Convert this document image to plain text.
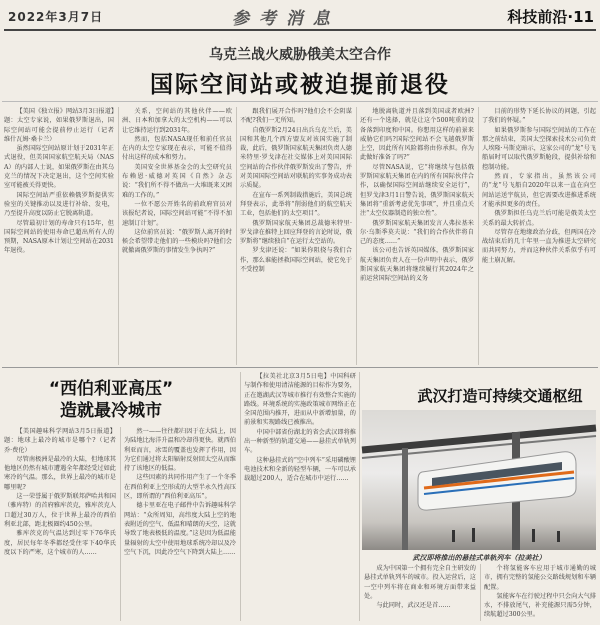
2022年3月7日	参 考 消 息	科技前沿·11
乌克兰战火威胁俄美太空合作
国际空间站或被迫提前退役

【美国《独立报》网站3月3日报道】题：太空专家说，如果俄罗斯退出，国际空间站可能会提前停止运行（记者　维什瓦姆·桑卡兰）

虽然国际空间站原计划于2031年正式退役，但美国国家航空航天局（NASA）的内部人士说，如果俄罗斯在由其乌克兰的情况下决定退出，这个空间实验室可能被关得更快。

国际空间站严重依赖俄罗斯提供实验室的关键推动以及进行补给、发电，乃至提升高度以防止它脱离轨道。

尽管最初计划的寿命只有15年，但国际空间站的使用寿命已超出所有人的预期，NASA原本计划让空间站在2031年退役。

关系，空间站的其他伙伴——欧洲、日本和加拿大的太空机构——可以让它维持运行到2031年。

然而，包括NASA现任和前任官员在内的太空专家现在表示，可能不值得付出这样的成本和努力。

美国安全世界基金会的太空研究员布赖恩·威德对英国《自然》杂志说：“我们所不得不做出一大堆既来又困难的工作的。”

一位不愿公开姓名的前政府官员对该报纪者说，国际空间站可能“不得不加速制订计划”。

这位前官员说：“俄罗斯人离开的时候会希望带走他们的一些模块吗?他们会就撤离俄罗斯的事情发生争执吗?”

跟我们展开合作吗?他们会不会阴谋不配?我们一无所知。

自俄罗斯2月24日出兵乌克兰后，美国和其他几个西方盟友对该国实施了制裁，此后，俄罗斯国家航天集团负责人德米特里·罗戈津在社交媒体上对美国国际空间站的合作伙伴俄罗斯发出了警告，并对美国国际空间站对联航的实事务成功表示质疑。

在宣布一系列制裁措施后，美国总统拜登表示，此举将“削弱他们的航空航天工业，包括他们的太空项目”。

俄罗斯国家航天集团总裁德米特里·罗戈津在推特上回应拜登的言论时说，俄罗斯将“继续独自”在运行太空站的。

罗戈津还说：“如果你阻挠与我们合作，那么谁能拯救国际空间站，使它免于不受控制

地脱离轨道并且落到美国或者欧洲?还有一个选择，就是让这个500吨重的设备落到印度和中国。你想用这样的前景来威胁它们吗?国际空间站不会飞越俄罗斯上空，因此所有风险都将由你承担。你为此做好准备了吗?”

尽管NASA说，它“将继续与包括俄罗斯国家航天集团在内的所有国际伙伴合作，以确保国际空间站继续安全运行”，但罗戈津3月1日警告说，俄罗斯国家航天集团将“重新考虑优先事项”，并且重点关注“太空仪器制造的独立性”。

俄罗斯国家航天集团发言人弗拉基米尔·乌斯季莫夫说：“我们的合作伙伴将自己的态度……”

该公司也告诉英国媒体，俄罗斯国家航天集团负责人在一份声明中表示，俄罗斯国家航天集团将继续履行其2024年之前运营国际空间站的义务

目前的形势下延长协议的问题，引起了我们的怀疑。”

如果俄罗斯参与国际空间站的工作在那之前结束，美国太空探索技术公司负责人埃隆·马斯克暗示，这家公司的“龙”号飞船届时可以取代俄罗斯舱段，提供补给和控制功能。

然而，专家指出，虽然该公司的“龙”号飞船自2020年以来一直在向空间站运送宇航员，但它需要改进推进系统才能承担更多的责任。

俄罗斯担任乌克兰后可能是俄美太空关系的最大转折点。

尽管存在地缘政治分歧，但两国在冷战结束后的几十年里一直为推进太空研究而共同努力，并而这种伙伴关系似乎有可能土崩瓦解。

“西伯利亚高压”
造就最冷城市

【美国趣味科学网站3月5日报道】题：地球上最冷的城市是哪个?（记者　乔·费伦）

尽管南极洲是最冷的大陆，但地球其他地区仍然有城市遭遇全年都经受过如此寒冷的气温。那么，世界上最冷的城市是哪里呢?

这一荣誉属于俄罗斯联邦萨哈共和国（雅库特）的首府雅库茨克，雅库茨克人口超过30万人，位于世界上最冷的西伯利亚北部，距北极圈约450公里。

雅库茨克的气温达到过零下76华氏度，居民每年冬季都经受住零下40华氏度以下的严寒，这个城市的人……

然一——往往都归因于在大陆上，因为陆地比海洋升温和冷却得更快。就西伯利亚而言，冰雪的覆盖也发挥了作用，因为它们通过将太阳辐射反射回太空从而维持了该地区的低温。

这些因素的共同作用产生了一个冬季在西伯利亚上空形成的大型半永久性高压区，即所谓的“西伯利亚高压”。

德卡里亚在电子邮件中告诉趣味科学网站：“众所周知，高纬度大陆上空的地表附近的空气、低温和晴朗的天空，这就导致了地表极低的温度。”这是因为低温能量辐射的太空中使用地球系统冷却以及冷空气下沉，因此冷空气下降到大陆上……

【拉美社北京3月5日电】中国科研与制作和使用清洁能源的目标作为要务，正在邀湖武汉等城市推行有效整合实施的路线。环境系统的实施政策城市网络正在全国范围内推开，进而从中新增加量，的前景和实现路线已被推出。

中国中部省份湖北的省会武汉即将推出一种新型的轨道交通——悬挂式单轨列车。

这种悬挂式的“空中列车”采用磷酸锂电池技术和全新的轻型车辆，一车可以承载超过200人，适合在城市中运行……

武汉打造可持续交通枢纽
武汉即将推出的悬挂式单轨列车（拉美社）

成为中国第一个拥有完全自主研发的悬挂式单轨列车的城市。投入运营后，这一空中列车将在商业和环境方面带来益处。

与此同时，武汉还是首……

个将氢能客车应用于城市通勤的城市，拥有完整的氢能公交路线规划和车辆配置。

氢能客车在行驶过程中只会向大气排水，不排放尾气，补充能源只需5分钟，续航超过300公里。
